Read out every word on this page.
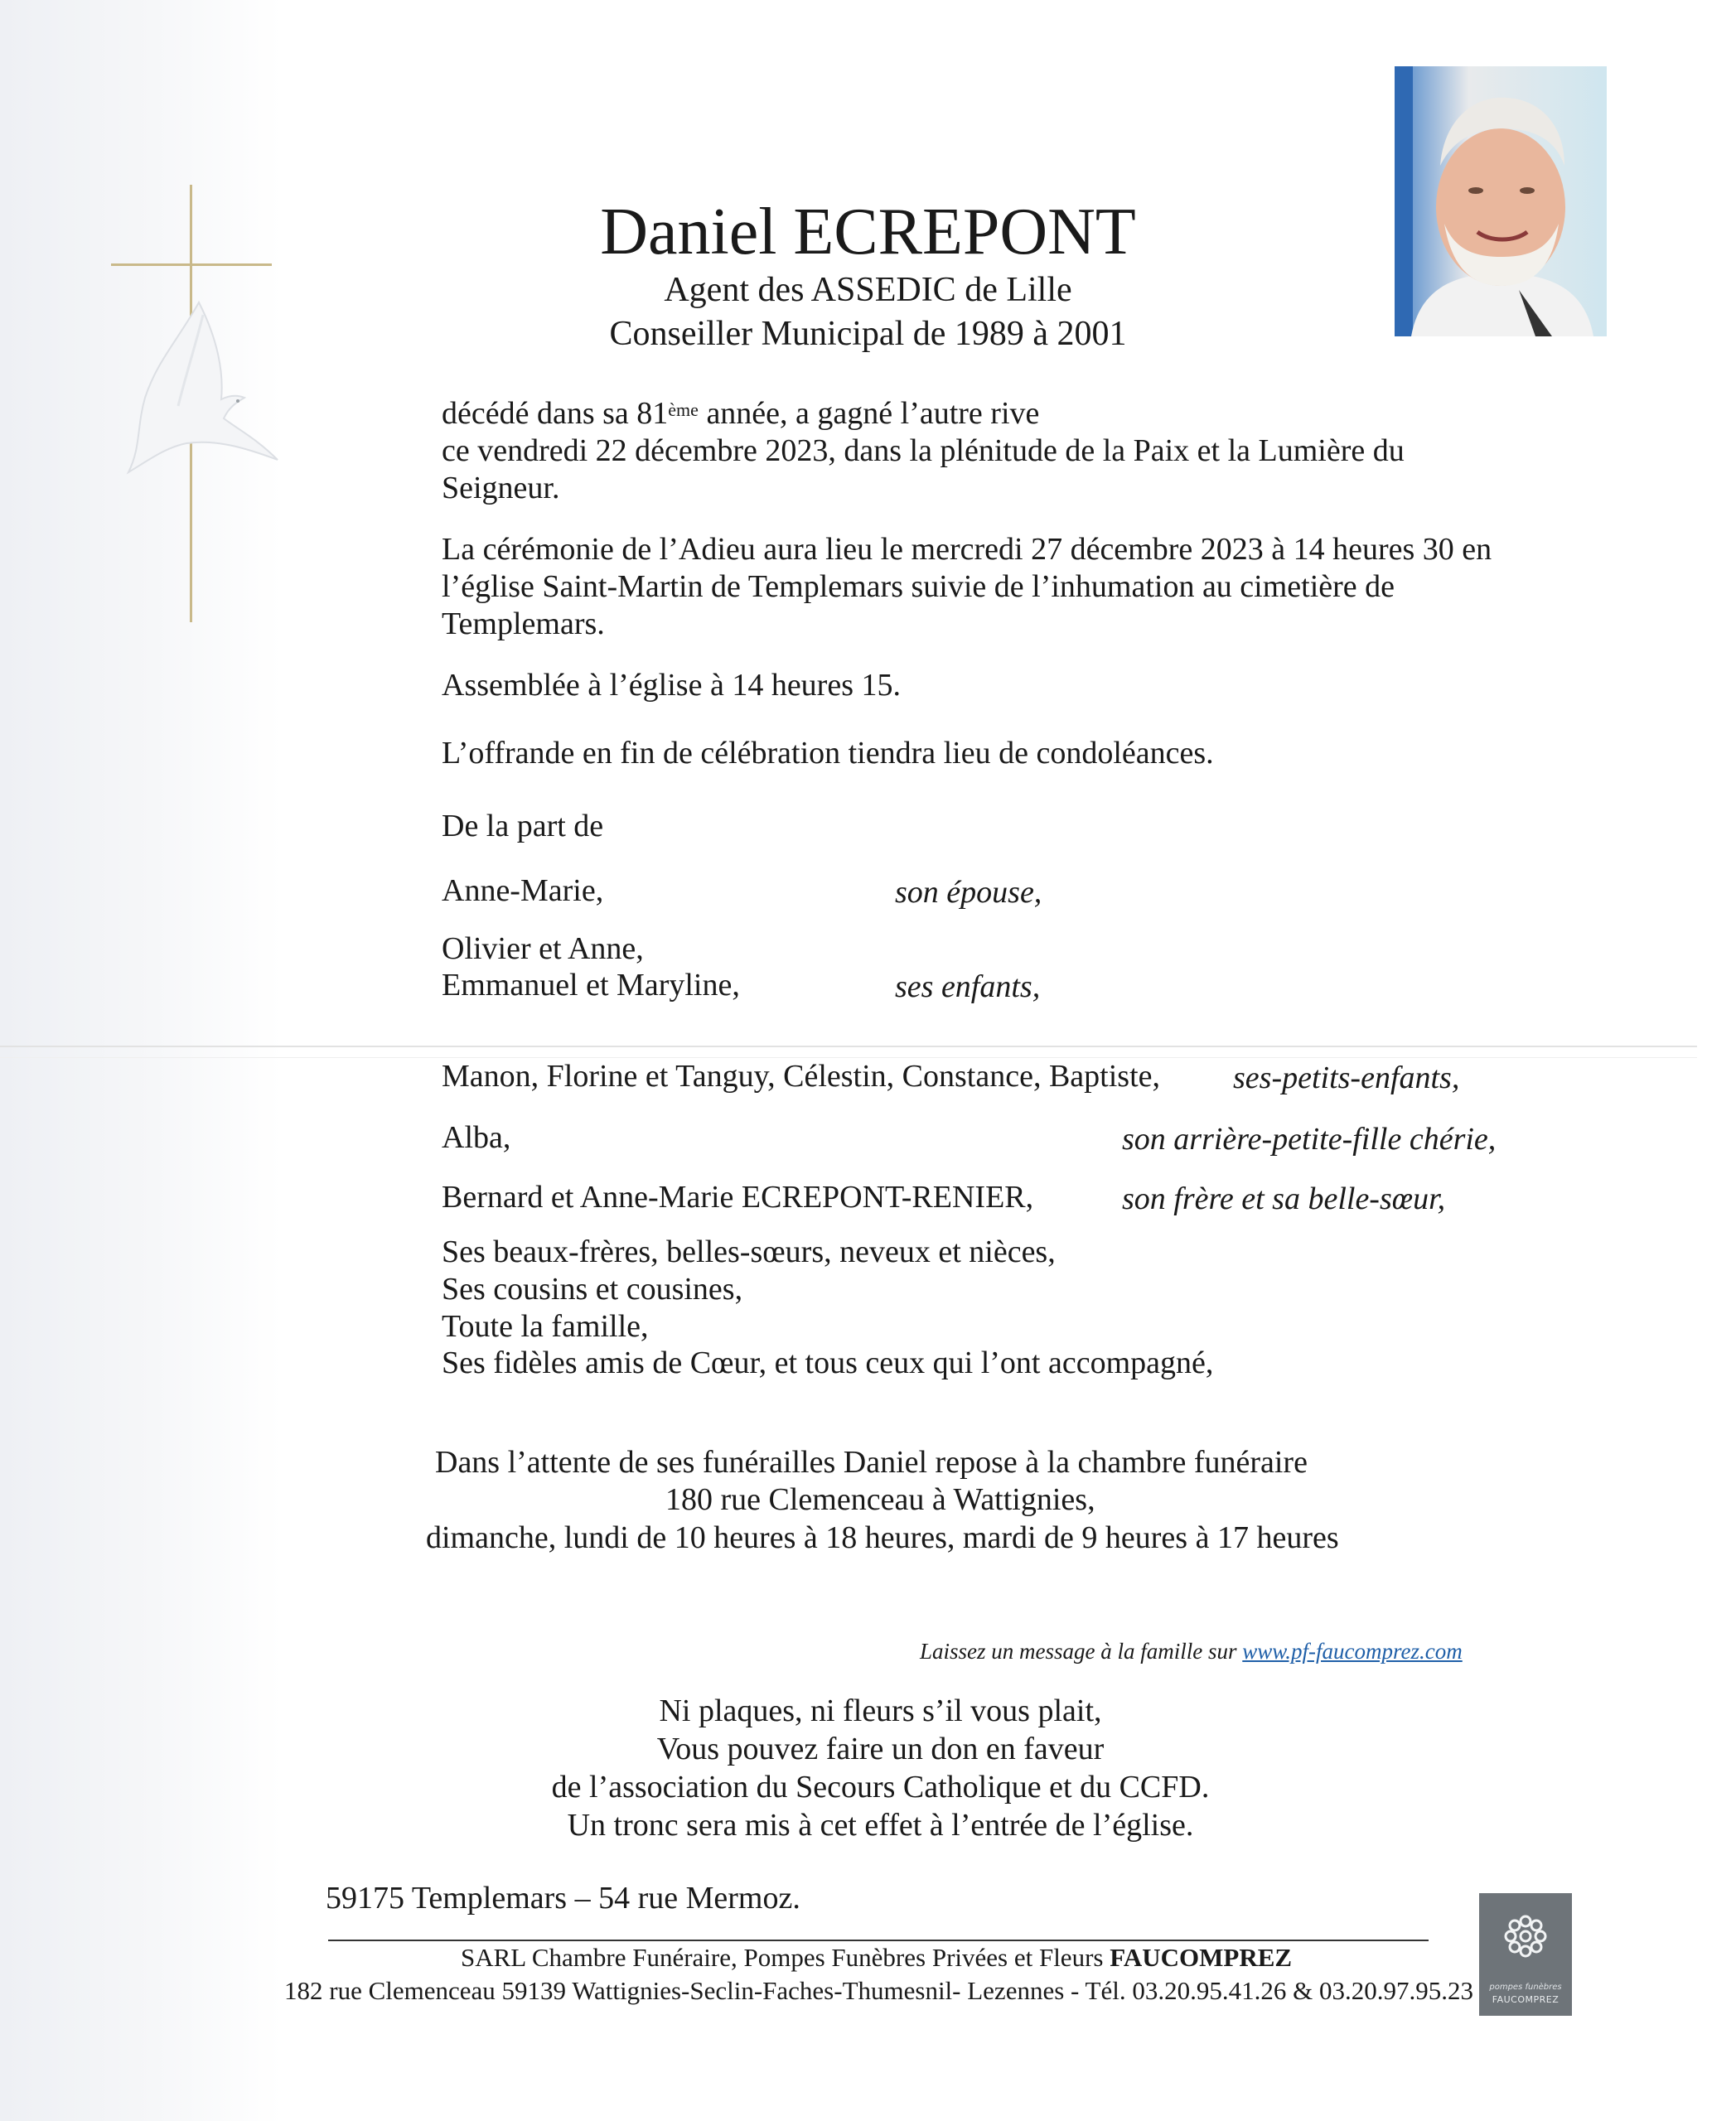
Daniel ECREPONT
Agent des ASSEDIC de Lille
Conseiller Municipal de 1989 à 2001
décédé dans sa 81ème année, a gagné l’autre rive
ce vendredi 22 décembre 2023, dans la plénitude de la Paix et la Lumière du
Seigneur.
La cérémonie de l’Adieu aura lieu le mercredi 27 décembre 2023 à 14 heures 30 en
l’église Saint-Martin de Templemars suivie de l’inhumation au cimetière de
Templemars.
Assemblée à l’église à 14 heures 15.
L’offrande en fin de célébration tiendra lieu de condoléances.
De la part de
Anne-Marie,	son épouse,
Olivier et Anne,
Emmanuel et Maryline,	ses enfants,
Manon, Florine et Tanguy, Célestin, Constance, Baptiste, ses-petits-enfants,
Alba,	son arrière-petite-fille chérie,
Bernard et Anne-Marie ECREPONT-RENIER,	son frère et sa belle-sœur,
Ses beaux-frères, belles-sœurs, neveux et nièces,
Ses cousins et cousines,
Toute la famille,
Ses fidèles amis de Cœur, et tous ceux qui l’ont accompagné,
Dans l’attente de ses funérailles Daniel repose à la chambre funéraire
180 rue Clemenceau à Wattignies,
dimanche, lundi de 10 heures à 18 heures, mardi de 9 heures à 17 heures
Laissez un message à la famille sur www.pf-faucomprez.com
Ni plaques, ni fleurs s’il vous plait,
Vous pouvez faire un don en faveur
de l’association du Secours Catholique et du CCFD.
Un tronc sera mis à cet effet à l’entrée de l’église.
59175 Templemars – 54 rue Mermoz.
SARL Chambre Funéraire, Pompes Funèbres Privées et Fleurs FAUCOMPREZ
182 rue Clemenceau 59139 Wattignies-Seclin-Faches-Thumesnil- Lezennes - Tél. 03.20.95.41.26 & 03.20.97.95.23	pompes funèbres
FAUCOMPREZ
